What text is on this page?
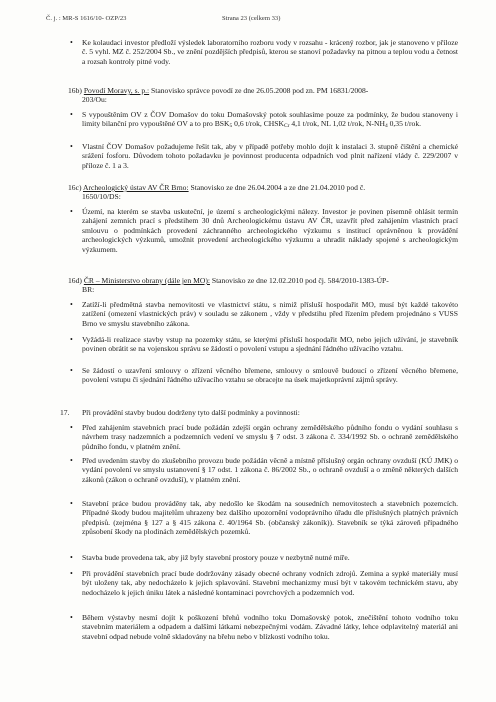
Č. j. : MR-S 1616/10- OZP/23	Strana 23 (celkem 33)
• Ke kolaudaci investor předloží výsledek laboratorního rozboru vody v rozsahu - krácený rozbor, jak je stanoveno v příloze č. 5 vyhl. MZ č. 252/2004 Sb., ve znění pozdějších předpisů, kterou se stanoví požadavky na pitnou a teplou vodu a četnost a rozsah kontroly pitné vody.
16b) Povodí Moravy, s. p.: Stanovisko správce povodí ze dne 26.05.2008 pod zn. PM 16831/2008-
203/Ou:
• S vypouštěním OV z ČOV Domašov do toku Domašovský potok souhlasíme pouze za podmínky, že budou stanoveny i limity bilanční pro vypouštěné OV a to pro BSK5 0,6 t/rok, CHSKCr 4,1 t/rok, NL 1,02 t/rok, N-NH4 0,35 t/rok.
• Vlastní ČOV Domašov požadujeme řešit tak, aby v případě potřeby mohlo dojít k instalaci 3. stupně čištění a chemické srážení fosforu. Důvodem tohoto požadavku je povinnost producenta odpadních vod plnit nařízení vlády č. 229/2007 v příloze č. 1 a 3.
16c) Archeologický ústav AV ČR Brno: Stanovisko ze dne 26.04.2004 a ze dne 21.04.2010 pod č.
1650/10/DS:
• Území, na kterém se stavba uskuteční, je území s archeologickými nálezy. Investor je povinen písemně ohlásit termín zahájení zemních prací s předstihem 30 dnů Archeologickému ústavu AV ČR, uzavřít před zahájením vlastních prací smlouvu o podmínkách provedení záchranného archeologického výzkumu s institucí oprávněnou k provádění archeologických výzkumů, umožnit provedení archeologického výzkumu a uhradit náklady spojené s archeologickým výzkumem.
16d) ČR – Ministerstvo obrany (dále jen MO): Stanovisko ze dne 12.02.2010 pod čj. 584/2010-1383-ÚP-
BR:
• Zatíží-li předmětná stavba nemovitosti ve vlastnictví státu, s nimiž přísluší hospodařit MO, musí být každé takovéto zatížení (omezení vlastnických práv) v souladu se zákonem , vždy v předstihu před řízením předem projednáno s VUSS Brno ve smyslu stavebního zákona.
• Vyžádá-li realizace stavby vstup na pozemky státu, se kterými přísluší hospodařit MO, nebo jejich užívání, je stavebník povinen obrátit se na vojenskou správu se žádostí o povolení vstupu a sjednání řádného užívacího vztahu.
• Se žádostí o uzavření smlouvy o zřízení věcného břemene, smlouvy o smlouvě budoucí o zřízení věcného břemene, povolení vstupu či sjednání řádného užívacího vztahu se obracejte na úsek majetkoprávní zájmů správy.
17. Při provádění stavby budou dodrženy tyto další podmínky a povinnosti:
• Před zahájením stavebních prací bude požádán zdejší orgán ochrany zemědělského půdního fondu o vydání souhlasu s návrhem trasy nadzemních a podzemních vedení ve smyslu § 7 odst. 3 zákona č. 334/1992 Sb. o ochraně zemědělského půdního fondu, v platném znění.
• Před uvedením stavby do zkušebního provozu bude požádán věcně a místně příslušný orgán ochrany ovzduší (KÚ JMK) o vydání povolení ve smyslu ustanovení § 17 odst. 1 zákona č. 86/2002 Sb., o ochraně ovzduší a o změně některých dalších zákonů (zákon o ochraně ovzduší), v platném znění.
• Stavební práce budou prováděny tak, aby nedošlo ke škodám na sousedních nemovitostech a stavebních pozemcích. Případné škody budou majitelům uhrazeny bez dalšího upozornění vodoprávního úřadu dle příslušných platných právních předpisů. (zejména § 127 a § 415 zákona č. 40/1964 Sb. (občanský zákoník)). Stavebník se týká zároveň případného způsobení škody na plodinách zemědělských pozemků.
• Stavba bude provedena tak, aby již byly stavební prostory pouze v nezbytně nutné míře.
• Při provádění stavebních prací bude dodržovány zásady obecné ochrany vodních zdrojů. Zemina a sypké materiály musí být uloženy tak, aby nedocházelo k jejich splavování. Stavební mechanizmy musí být v takovém technickém stavu, aby nedocházelo k jejich úniku látek a následné kontaminaci povrchových a podzemních vod.
• Během výstavby nesmí dojít k poškození břehů vodního toku Domašovský potok, znečištění tohoto vodního toku stavebním materiálem a odpadem a dalšími látkami nebezpečnými vodám. Závadné látky, lehce odplavitelný materiál ani stavební odpad nebude volně skladovány na břehu nebo v blízkosti vodního toku.
